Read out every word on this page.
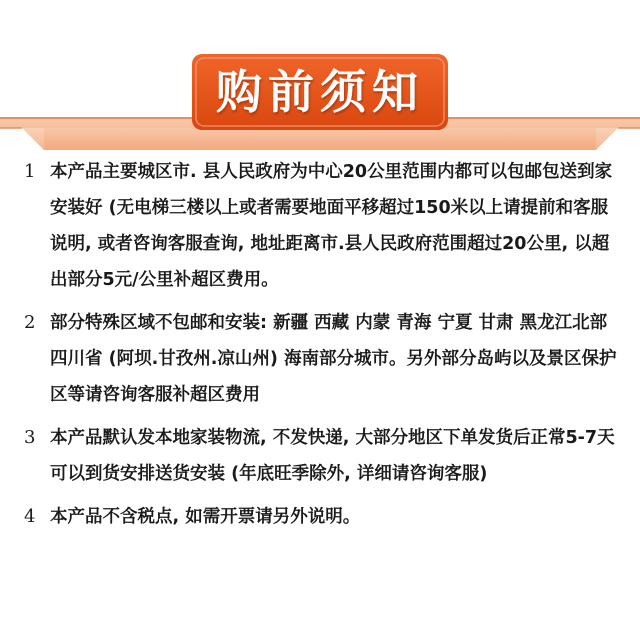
购前须知
1 本产品主要城区市. 县人民政府为中心20公里范围内都可以包邮包送到家安装好 (无电梯三楼以上或者需要地面平移超过150米以上请提前和客服说明, 或者咨询客服查询, 地址距离市.县人民政府范围超过20公里, 以超出部分5元/公里补超区费用。
2 部分特殊区域不包邮和安装: 新疆 西藏 内蒙 青海 宁夏 甘肃 黑龙江北部 四川省 (阿坝.甘孜州.凉山州) 海南部分城市。另外部分岛屿以及景区保护区等请咨询客服补超区费用
3 本产品默认发本地家装物流, 不发快递, 大部分地区下单发货后正常5-7天可以到货安排送货安装 (年底旺季除外, 详细请咨询客服)
4 本产品不含税点, 如需开票请另外说明。
